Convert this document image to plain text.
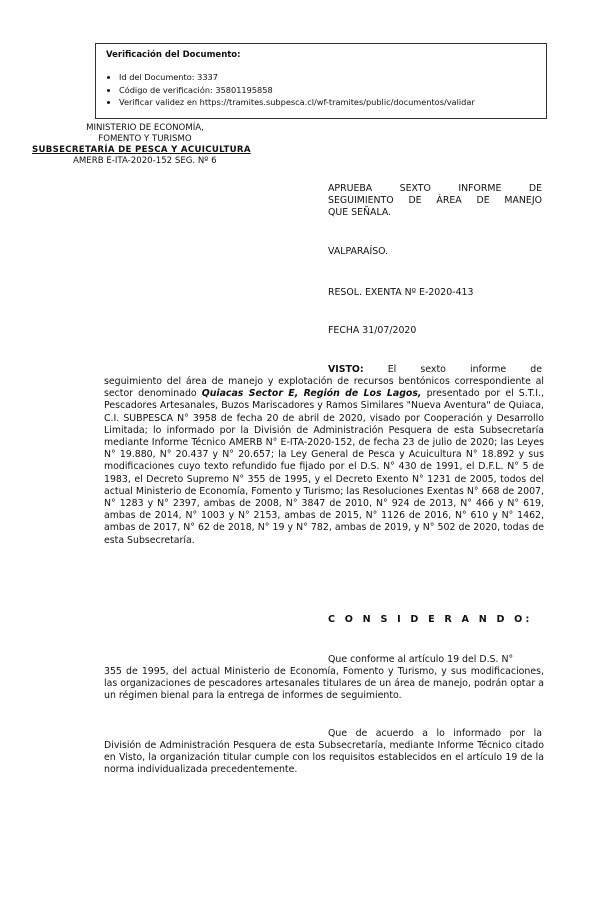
Verificación del Documento:
• Id del Documento: 3337
• Código de verificación: 35801195858
• Verificar validez en https://tramites.subpesca.cl/wf-tramites/public/documentos/validar
MINISTERIO DE ECONOMÍA,
FOMENTO Y TURISMO
SUBSECRETARÍA DE PESCA Y ACUICULTURA
AMERB E-ITA-2020-152 SEG. Nº 6
APRUEBA SEXTO INFORME DE
SEGUIMIENTO DE ÁREA DE MANEJO
QUE SEÑALA.
VALPARAÍSO.
RESOL. EXENTA Nº E-2020-413
FECHA 31/07/2020
VISTO:	El sexto informe de
seguimiento del área de manejo y explotación de recursos bentónicos correspondiente al sector denominado Quiacas Sector E, Región de Los Lagos, presentado por el S.T.I., Pescadores Artesanales, Buzos Mariscadores y Ramos Similares "Nueva Aventura" de Quiaca, C.I. SUBPESCA N° 3958 de fecha 20 de abril de 2020, visado por Cooperación y Desarrollo Limitada; lo informado por la División de Administración Pesquera de esta Subsecretaría mediante Informe Técnico AMERB N° E-ITA-2020-152, de fecha 23 de julio de 2020; las Leyes N° 19.880, N° 20.437 y N° 20.657; la Ley General de Pesca y Acuicultura N° 18.892 y sus modificaciones cuyo texto refundido fue fijado por el D.S. N° 430 de 1991, el D.F.L. N° 5 de 1983, el Decreto Supremo N° 355 de 1995, y el Decreto Exento N° 1231 de 2005, todos del actual Ministerio de Economía, Fomento y Turismo; las Resoluciones Exentas N° 668 de 2007, N° 1283 y N° 2397, ambas de 2008, N° 3847 de 2010, N° 924 de 2013, N° 466 y N° 619, ambas de 2014, N° 1003 y N° 2153, ambas de 2015, N° 1126 de 2016, N° 610 y N° 1462, ambas de 2017, N° 62 de 2018, N° 19 y N° 782, ambas de 2019, y N° 502 de 2020, todas de esta Subsecretaría.
C O N S I D E R A N D O:
Que conforme al artículo 19 del D.S. N°
355 de 1995, del actual Ministerio de Economía, Fomento y Turismo, y sus modificaciones, las organizaciones de pescadores artesanales titulares de un área de manejo, podrán optar a un régimen bienal para la entrega de informes de seguimiento.
Que de acuerdo a lo informado por la
División de Administración Pesquera de esta Subsecretaría, mediante Informe Técnico citado en Visto, la organización titular cumple con los requisitos establecidos en el artículo 19 de la norma individualizada precedentemente.
